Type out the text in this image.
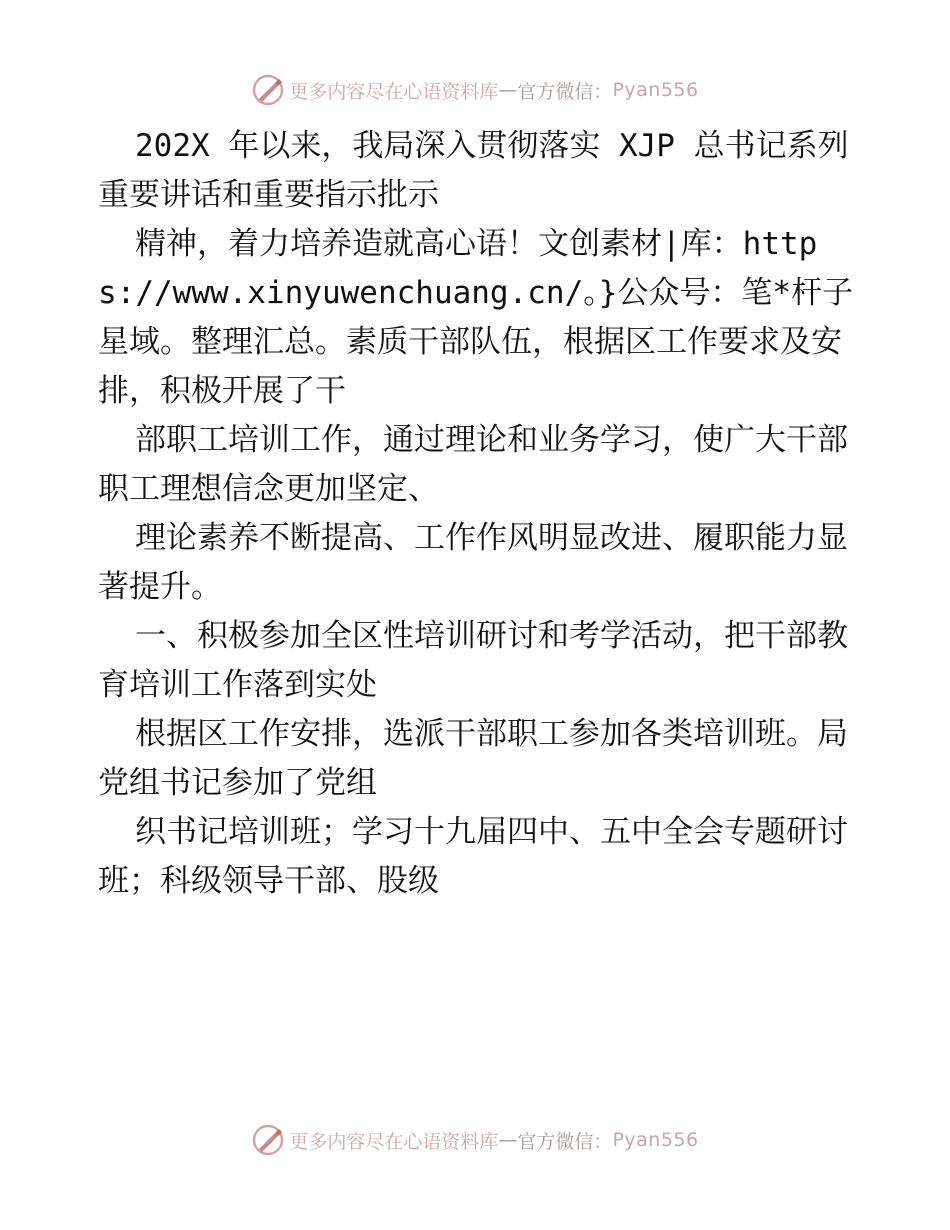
更多内容尽在心语资料库 — 官方微信： Pyan556

202X 年以来，我局深入贯彻落实 XJP 总书记系列重要讲话和重要指示批示

精神，着力培养造就高心语！文创素材|库：https://www.xinyuwenchuang.cn/。}公众号：笔*杆子星域。整理汇总。素质干部队伍，根据区工作要求及安排，积极开展了干

部职工培训工作，通过理论和业务学习，使广大干部职工理想信念更加坚定、

理论素养不断提高、工作作风明显改进、履职能力显著提升。

一、积极参加全区性培训研讨和考学活动，把干部教育培训工作落到实处

根据区工作安排，选派干部职工参加各类培训班。局党组书记参加了党组

织书记培训班；学习十九届四中、五中全会专题研讨班；科级领导干部、股级

更多内容尽在心语资料库 — 官方微信： Pyan556
